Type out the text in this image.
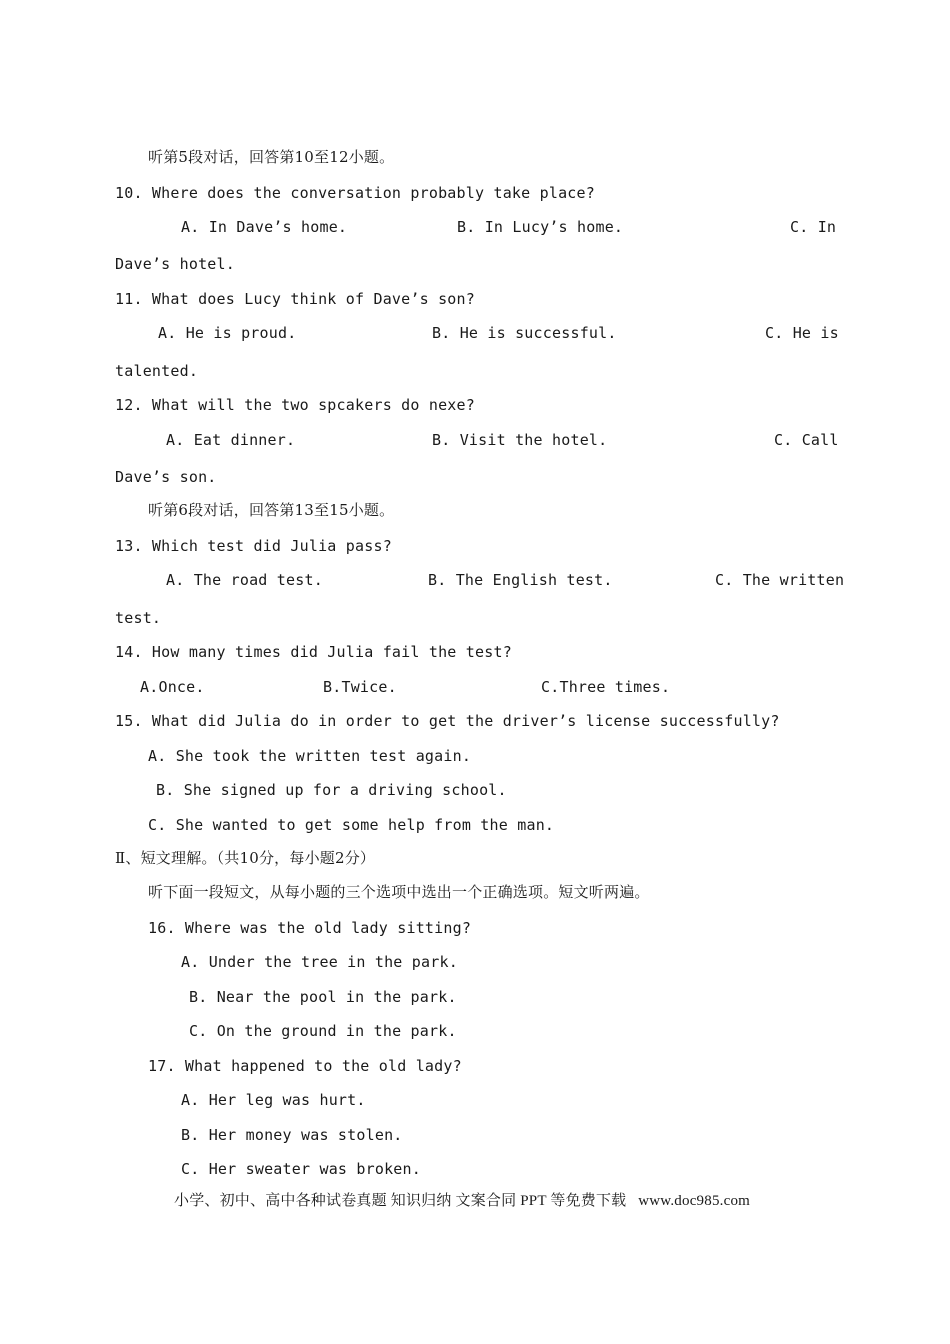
听第5段对话，回答第10至12小题。
10. Where does the conversation probably take place?
A. In Dave’s home.	B. In Lucy’s home.	C. In
Dave’s hotel.
11. What does Lucy think of Dave’s son?
A. He is proud.	B. He is successful.	C. He is
talented.
12. What will the two spcakers do nexe?
A. Eat dinner.	B. Visit the hotel.	C. Call
Dave’s son.
听第6段对话，回答第13至15小题。
13. Which test did Julia pass?
A. The road test.	B. The English test.	C. The written
test.
14. How many times did Julia fail the test?
A.Once.	B.Twice.	C.Three times.
15. What did Julia do in order to get the driver’s license successfully?
A. She took the written test again.
B. She signed up for a driving school.
C. She wanted to get some help from the man.
Ⅱ、短文理解。（共10分，每小题2分）
听下面一段短文，从每小题的三个选项中选出一个正确选项。短文听两遍。
16. Where was the old lady sitting?
A. Under the tree in the park.
B. Near the pool in the park.
C. On the ground in the park.
17. What happened to the old lady?
A. Her leg was hurt.
B. Her money was stolen.
C. Her sweater was broken.
小学、初中、高中各种试卷真题 知识归纳 文案合同 PPT 等免费下载   www.doc985.com
